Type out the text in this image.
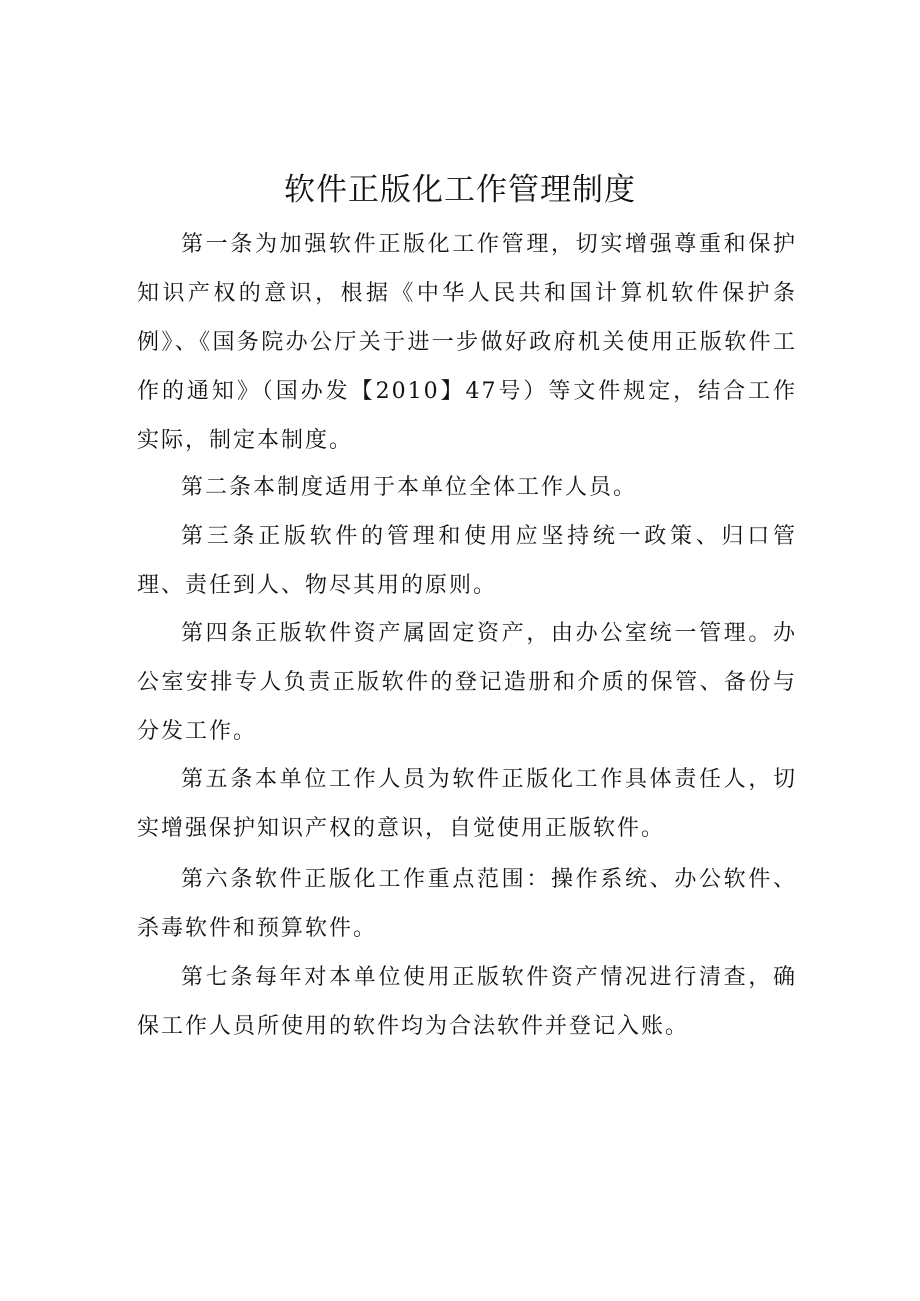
软件正版化工作管理制度

第一条为加强软件正版化工作管理，切实增强尊重和保护知识产权的意识，根据《中华人民共和国计算机软件保护条例》、《国务院办公厅关于进一步做好政府机关使用正版软件工作的通知》（国办发【2010】47号）等文件规定，结合工作实际，制定本制度。

第二条本制度适用于本单位全体工作人员。

第三条正版软件的管理和使用应坚持统一政策、归口管理、责任到人、物尽其用的原则。

第四条正版软件资产属固定资产，由办公室统一管理。办公室安排专人负责正版软件的登记造册和介质的保管、备份与分发工作。

第五条本单位工作人员为软件正版化工作具体责任人，切实增强保护知识产权的意识，自觉使用正版软件。

第六条软件正版化工作重点范围：操作系统、办公软件、杀毒软件和预算软件。

第七条每年对本单位使用正版软件资产情况进行清查，确保工作人员所使用的软件均为合法软件并登记入账。
